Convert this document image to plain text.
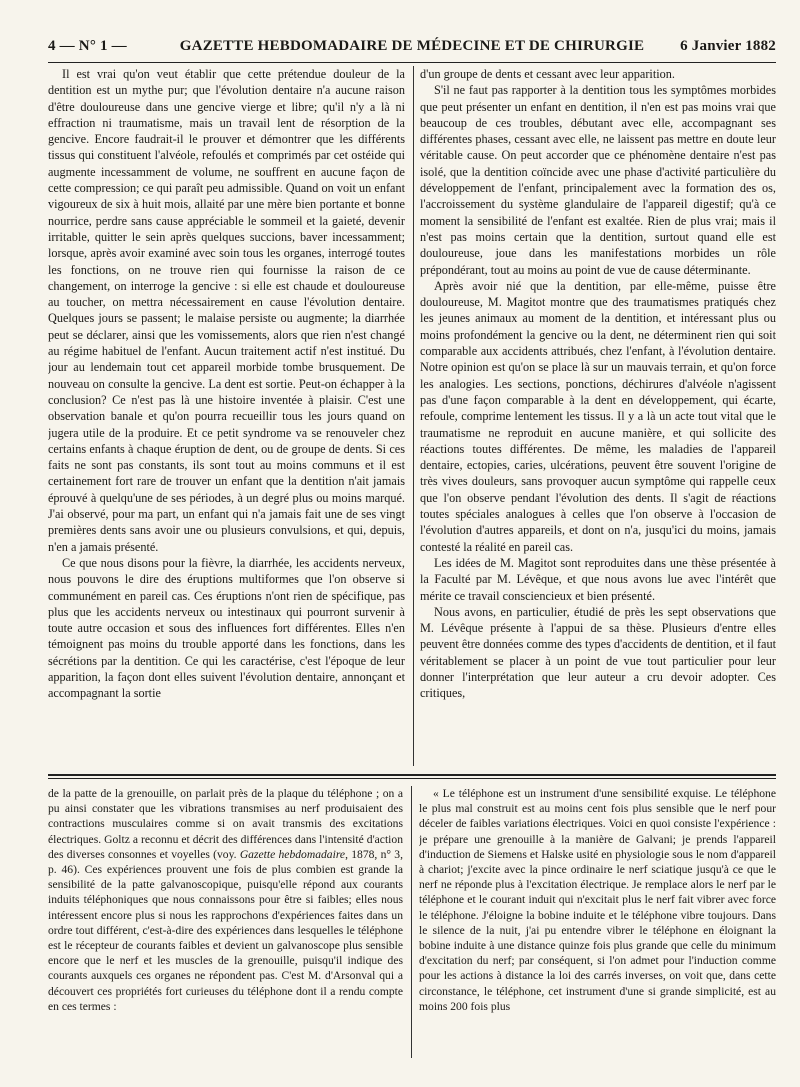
4 — N° 1 —	GAZETTE HEBDOMADAIRE DE MÉDECINE ET DE CHIRURGIE	6 Janvier 1882

Il est vrai qu'on veut établir que cette prétendue douleur de la dentition est un mythe pur; que l'évolution dentaire n'a aucune raison d'être douloureuse dans une gencive vierge et libre; qu'il n'y a là ni effraction ni traumatisme, mais un travail lent de résorption de la gencive. Encore faudrait-il le prouver et démontrer que les différents tissus qui constituent l'alvéole, refoulés et comprimés par cet ostéide qui augmente incessamment de volume, ne souffrent en aucune façon de cette compression; ce qui paraît peu admissible. Quand on voit un enfant vigoureux de six à huit mois, allaité par une mère bien portante et bonne nourrice, perdre sans cause appréciable le sommeil et la gaieté, devenir irritable, quitter le sein après quelques succions, baver incessamment; lorsque, après avoir examiné avec soin tous les organes, interrogé toutes les fonctions, on ne trouve rien qui fournisse la raison de ce changement, on interroge la gencive : si elle est chaude et douloureuse au toucher, on mettra nécessairement en cause l'évolution dentaire. Quelques jours se passent; le malaise persiste ou augmente; la diarrhée peut se déclarer, ainsi que les vomissements, alors que rien n'est changé au régime habituel de l'enfant. Aucun traitement actif n'est institué. Du jour au lendemain tout cet appareil morbide tombe brusquement. De nouveau on consulte la gencive. La dent est sortie. Peut-on échapper à la conclusion? Ce n'est pas là une histoire inventée à plaisir. C'est une observation banale et qu'on pourra recueillir tous les jours quand on jugera utile de la produire. Et ce petit syndrome va se renouveler chez certains enfants à chaque éruption de dent, ou de groupe de dents. Si ces faits ne sont pas constants, ils sont tout au moins communs et il est certainement fort rare de trouver un enfant que la dentition n'ait jamais éprouvé à quelqu'une de ses périodes, à un degré plus ou moins marqué. J'ai observé, pour ma part, un enfant qui n'a jamais fait une de ses vingt premières dents sans avoir une ou plusieurs convulsions, et qui, depuis, n'en a jamais présenté.

Ce que nous disons pour la fièvre, la diarrhée, les accidents nerveux, nous pouvons le dire des éruptions multiformes que l'on observe si communément en pareil cas. Ces éruptions n'ont rien de spécifique, pas plus que les accidents nerveux ou intestinaux qui pourront survenir à toute autre occasion et sous des influences fort différentes. Elles n'en témoignent pas moins du trouble apporté dans les fonctions, dans les sécrétions par la dentition. Ce qui les caractérise, c'est l'époque de leur apparition, la façon dont elles suivent l'évolution dentaire, annonçant et accompagnant la sortie

d'un groupe de dents et cessant avec leur apparition.

S'il ne faut pas rapporter à la dentition tous les symptômes morbides que peut présenter un enfant en dentition, il n'en est pas moins vrai que beaucoup de ces troubles, débutant avec elle, accompagnant ses différentes phases, cessant avec elle, ne laissent pas mettre en doute leur véritable cause. On peut accorder que ce phénomène dentaire n'est pas isolé, que la dentition coïncide avec une phase d'activité particulière du développement de l'enfant, principalement avec la formation des os, l'accroissement du système glandulaire de l'appareil digestif; qu'à ce moment la sensibilité de l'enfant est exaltée. Rien de plus vrai; mais il n'est pas moins certain que la dentition, surtout quand elle est douloureuse, joue dans les manifestations morbides un rôle prépondérant, tout au moins au point de vue de cause déterminante.

Après avoir nié que la dentition, par elle-même, puisse être douloureuse, M. Magitot montre que des traumatismes pratiqués chez les jeunes animaux au moment de la dentition, et intéressant plus ou moins profondément la gencive ou la dent, ne déterminent rien qui soit comparable aux accidents attribués, chez l'enfant, à l'évolution dentaire. Notre opinion est qu'on se place là sur un mauvais terrain, et qu'on force les analogies. Les sections, ponctions, déchirures d'alvéole n'agissent pas d'une façon comparable à la dent en développement, qui écarte, refoule, comprime lentement les tissus. Il y a là un acte tout vital que le traumatisme ne reproduit en aucune manière, et qui sollicite des réactions toutes différentes. De même, les maladies de l'appareil dentaire, ectopies, caries, ulcérations, peuvent être souvent l'origine de très vives douleurs, sans provoquer aucun symptôme qui rappelle ceux que l'on observe pendant l'évolution des dents. Il s'agit de réactions toutes spéciales analogues à celles que l'on observe à l'occasion de l'évolution d'autres appareils, et dont on n'a, jusqu'ici du moins, jamais contesté la réalité en pareil cas.

Les idées de M. Magitot sont reproduites dans une thèse présentée à la Faculté par M. Lévêque, et que nous avons lue avec l'intérêt que mérite ce travail consciencieux et bien présenté.

Nous avons, en particulier, étudié de près les sept observations que M. Lévêque présente à l'appui de sa thèse. Plusieurs d'entre elles peuvent être données comme des types d'accidents de dentition, et il faut véritablement se placer à un point de vue tout particulier pour leur donner l'interprétation que leur auteur a cru devoir adopter. Ces critiques,

de la patte de la grenouille, on parlait près de la plaque du téléphone ; on a pu ainsi constater que les vibrations transmises au nerf produisaient des contractions musculaires comme si on avait transmis des excitations électriques. Goltz a reconnu et décrit des différences dans l'intensité d'action des diverses consonnes et voyelles (voy. Gazette hebdomadaire, 1878, n° 3, p. 46). Ces expériences prouvent une fois de plus combien est grande la sensibilité de la patte galvanoscopique, puisqu'elle répond aux courants induits téléphoniques que nous connaissons pour être si faibles; elles nous intéressent encore plus si nous les rapprochons d'expériences faites dans un ordre tout différent, c'est-à-dire des expériences dans lesquelles le téléphone est le récepteur de courants faibles et devient un galvanoscope plus sensible encore que le nerf et les muscles de la grenouille, puisqu'il indique des courants auxquels ces organes ne répondent pas. C'est M. d'Arsonval qui a découvert ces propriétés fort curieuses du téléphone dont il a rendu compte en ces termes :

« Le téléphone est un instrument d'une sensibilité exquise. Le téléphone le plus mal construit est au moins cent fois plus sensible que le nerf pour déceler de faibles variations électriques. Voici en quoi consiste l'expérience : je prépare une grenouille à la manière de Galvani; je prends l'appareil d'induction de Siemens et Halske usité en physiologie sous le nom d'appareil à chariot; j'excite avec la pince ordinaire le nerf sciatique jusqu'à ce que le nerf ne réponde plus à l'excitation électrique. Je remplace alors le nerf par le téléphone et le courant induit qui n'excitait plus le nerf fait vibrer avec force le téléphone. J'éloigne la bobine induite et le téléphone vibre toujours. Dans le silence de la nuit, j'ai pu entendre vibrer le téléphone en éloignant la bobine induite à une distance quinze fois plus grande que celle du minimum d'excitation du nerf; par conséquent, si l'on admet pour l'induction comme pour les actions à distance la loi des carrés inverses, on voit que, dans cette circonstance, le téléphone, cet instrument d'une si grande simplicité, est au moins 200 fois plus
